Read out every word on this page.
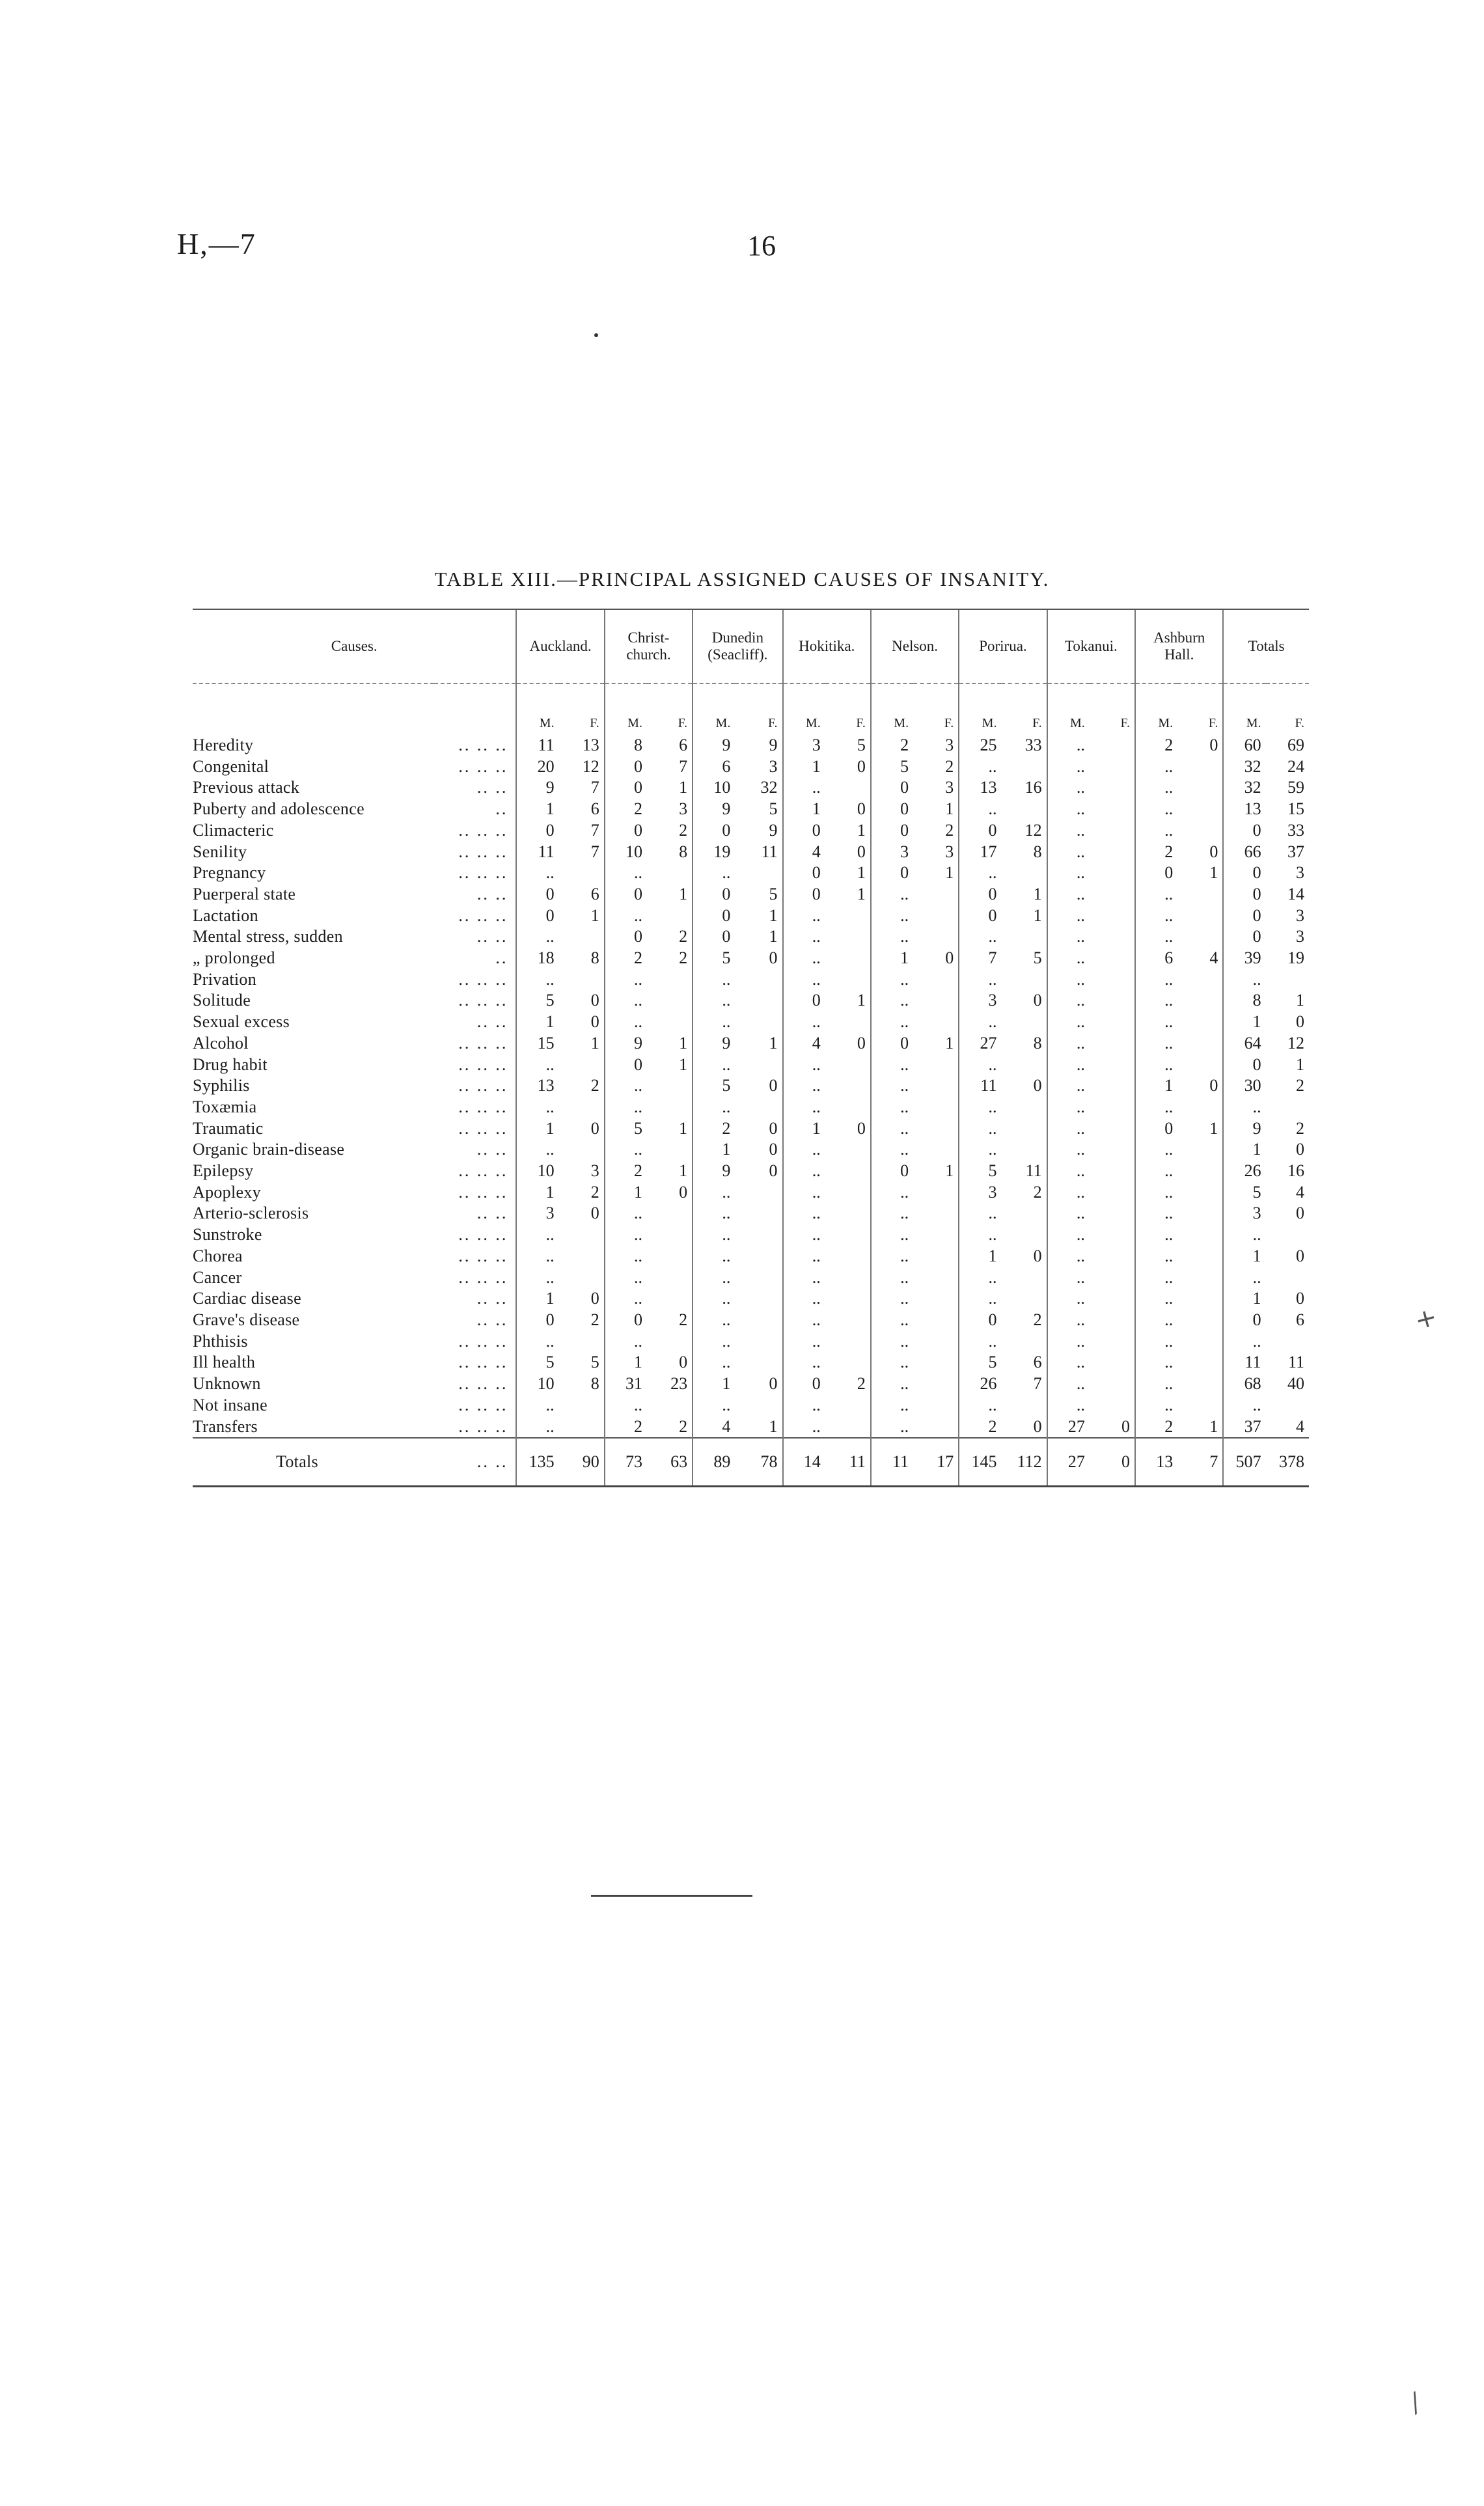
H,—7	16
TABLE XIII.—PRINCIPAL ASSIGNED CAUSES OF INSANITY.
Causes.		Auckland.		Christ-church.		Dunedin (Seacliff).		Hokitika.		Nelson.		Porirua.		Tokanui.		Ashburn Hall.		Totals	
		M.	F.	M.	F.	M.	F.	M.	F.	M.	F.	M.	F.	M.	F.	M.	F.	M.	F.
Heredity	.. .. ..	11	13	8	6	9	9	3	5	2	3	25	33	..		2	0	60	69
Congenital	.. .. ..	20	12	0	7	6	3	1	0	5	2	..		..		..		32	24
Previous attack	.. ..	9	7	0	1	10	32	..		0	3	13	16	..		..		32	59
Puberty and adolescence	..	1	6	2	3	9	5	1	0	0	1	..		..		..		13	15
Climacteric	.. .. ..	0	7	0	2	0	9	0	1	0	2	0	12	..		..		0	33
Senility	.. .. ..	11	7	10	8	19	11	4	0	3	3	17	8	..		2	0	66	37
Pregnancy	.. .. ..	..		..		..		0	1	0	1	..		..		0	1	0	3
Puerperal state	.. ..	0	6	0	1	0	5	0	1	..		0	1	..		..		0	14
Lactation	.. .. ..	0	1	..		0	1	..		..		0	1	..		..		0	3
Mental stress, sudden	.. ..	..		0	2	0	1	..		..		..		..		..		0	3
„ prolonged	..	18	8	2	2	5	0	..		1	0	7	5	..		6	4	39	19
Privation	.. .. ..	..		..		..		..		..		..		..		..		..	
Solitude	.. .. ..	5	0	..		..		0	1	..		3	0	..		..		8	1
Sexual excess	.. ..	1	0	..		..		..		..		..		..		..		1	0
Alcohol	.. .. ..	15	1	9	1	9	1	4	0	0	1	27	8	..		..		64	12
Drug habit	.. .. ..	..		0	1	..		..		..		..		..		..		0	1
Syphilis	.. .. ..	13	2	..		5	0	..		..		11	0	..		1	0	30	2
Toxæmia	.. .. ..	..		..		..		..		..		..		..		..		..	
Traumatic	.. .. ..	1	0	5	1	2	0	1	0	..		..		..		0	1	9	2
Organic brain-disease	.. ..	..		..		1	0	..		..		..		..		..		1	0
Epilepsy	.. .. ..	10	3	2	1	9	0	..		0	1	5	11	..		..		26	16
Apoplexy	.. .. ..	1	2	1	0	..		..		..		3	2	..		..		5	4
Arterio-sclerosis	.. ..	3	0	..		..		..		..		..		..		..		3	0
Sunstroke	.. .. ..	..		..		..		..		..		..		..		..		..	
Chorea	.. .. ..	..		..		..		..		..		1	0	..		..		1	0
Cancer	.. .. ..	..		..		..		..		..		..		..		..		..	
Cardiac disease	.. ..	1	0	..		..		..		..		..		..		..		1	0
Grave's disease	.. ..	0	2	0	2	..		..		..		0	2	..		..		0	6
Phthisis	.. .. ..	..		..		..		..		..		..		..		..		..	
Ill health	.. .. ..	5	5	1	0	..		..		..		5	6	..		..		11	11
Unknown	.. .. ..	10	8	31	23	1	0	0	2	..		26	7	..		..		68	40
Not insane	.. .. ..	..		..		..		..		..		..		..		..		..	
Transfers	.. .. ..	..		2	2	4	1	..		..		2	0	27	0	2	1	37	4
Totals	.. ..	135	90	73	63	89	78	14	11	11	17	145	112	27	0	13	7	507	378
✕
⁄
